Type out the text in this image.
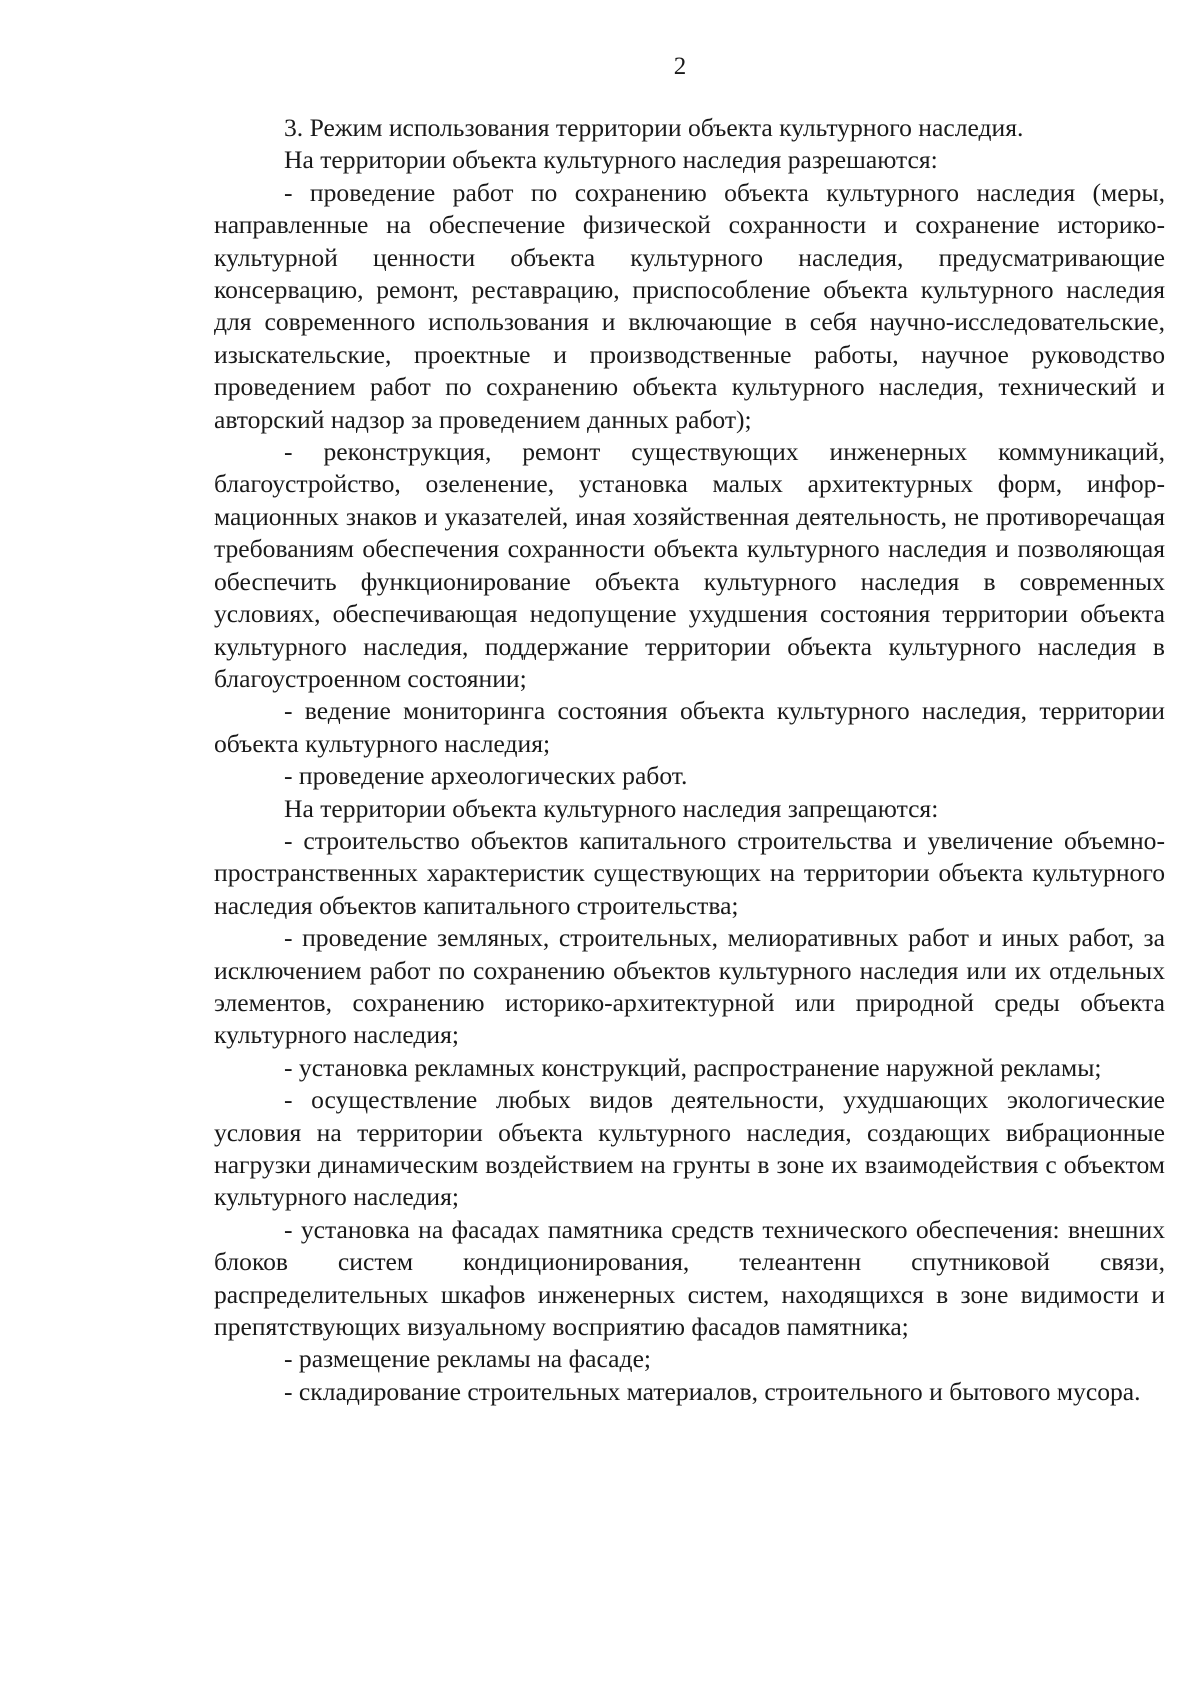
2

3. Режим использования территории объекта культурного наследия.

На территории объекта культурного наследия разрешаются:

- проведение работ по сохранению объекта культурного наследия (меры, направленные на обеспечение физической сохранности и сохранение историко-культурной ценности объекта культурного наследия, предусматривающие консервацию, ремонт, реставрацию, приспособление объекта культурного наследия для современного использования и включающие в себя научно-исследовательские, изыскательские, проектные и производственные работы, научное руководство проведением работ по сохранению объекта культурного наследия, технический и авторский надзор за проведением данных работ);

- реконструкция, ремонт существующих инженерных коммуникаций, благоустройство, озеленение, установка малых архитектурных форм, информационных знаков и указателей, иная хозяйственная деятельность, не противоречащая требованиям обеспечения сохранности объекта культурного наследия и позволяющая обеспечить функционирование объекта культурного наследия в современных условиях, обеспечивающая недопущение ухудшения состояния территории объекта культурного наследия, поддержание территории объекта культурного наследия в благоустроенном состоянии;

- ведение мониторинга состояния объекта культурного наследия, территории объекта культурного наследия;

- проведение археологических работ.

На территории объекта культурного наследия запрещаются:

- строительство объектов капитального строительства и увеличение объемно-пространственных характеристик существующих на территории объекта культурного наследия объектов капитального строительства;

- проведение земляных, строительных, мелиоративных работ и иных работ, за исключением работ по сохранению объектов культурного наследия или их отдельных элементов, сохранению историко-архитектурной или природной среды объекта культурного наследия;

- установка рекламных конструкций, распространение наружной рекламы;

- осуществление любых видов деятельности, ухудшающих экологические условия на территории объекта культурного наследия, создающих вибрационные нагрузки динамическим воздействием на грунты в зоне их взаимодействия с объектом культурного наследия;

- установка на фасадах памятника средств технического обеспечения: внешних блоков систем кондиционирования, телеантенн спутниковой связи, распределительных шкафов инженерных систем, находящихся в зоне видимости и препятствующих визуальному восприятию фасадов памятника;

- размещение рекламы на фасаде;

- складирование строительных материалов, строительного и бытового мусора.
